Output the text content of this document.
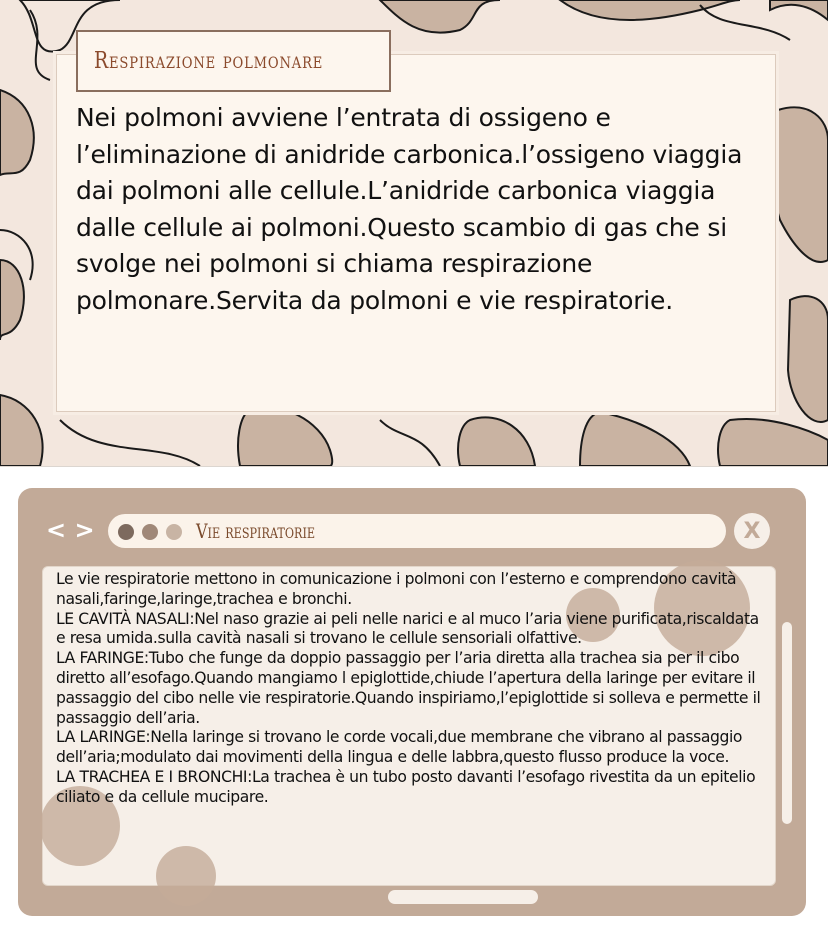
Respirazione polmonare
Nei polmoni avviene l’entrata di ossigeno e l’eliminazione di anidride carbonica.l’ossigeno viaggia dai polmoni alle cellule.L’anidride carbonica viaggia dalle cellule ai polmoni.Questo scambio di gas che si svolge nei polmoni si chiama respirazione polmonare.Servita da polmoni e vie respiratorie.
< >	Vie respiratorie	X

Le vie respiratorie mettono in comunicazione i polmoni con l’esterno e comprendono cavità nasali,faringe,laringe,trachea e bronchi.

LE CAVITÀ NASALI:Nel naso grazie ai peli nelle narici e al muco l’aria viene purificata,riscaldata e resa umida.sulla cavità nasali si trovano le cellule sensoriali olfattive.

LA FARINGE:Tubo che funge da doppio passaggio per l’aria diretta alla trachea sia per il cibo diretto all’esofago.Quando mangiamo l epiglottide,chiude l’apertura della laringe per evitare il passaggio del cibo nelle vie respiratorie.Quando inspiriamo,l’epiglottide si solleva e permette il passaggio dell’aria.

LA LARINGE:Nella laringe si trovano le corde vocali,due membrane che vibrano al passaggio dell’aria;modulato dai movimenti della lingua e delle labbra,questo flusso produce la voce.

LA TRACHEA E I BRONCHI:La trachea è un tubo posto davanti l’esofago rivestita da un epitelio ciliato e da cellule mucipare.
